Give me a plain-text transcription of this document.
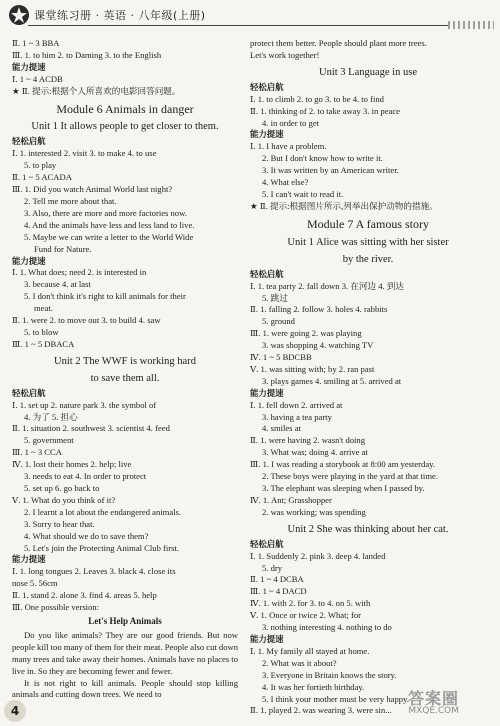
课堂练习册 · 英语 · 八年级(上册)
Ⅱ. 1 ~ 3 BBA
Ⅲ. 1. to him 2. to Daming 3. to the English
能力提速
Ⅰ. 1 ~ 4 ACDB
★ Ⅱ. 提示:根据个人所喜欢的电影回答问题。
Module 6 Animals in danger
Unit 1 It allows people to get closer to them.
轻松启航
Ⅰ. 1. interested 2. visit 3. to make 4. to use
5. to play
Ⅱ. 1 ~ 5 ACADA
Ⅲ. 1. Did you watch Animal World last night?
2. Tell me more about that.
3. Also, there are more and more factories now.
4. And the animals have less and less land to live.
5. Maybe we can write a letter to the World Wide
Fund for Nature.
能力提速
Ⅰ. 1. What does; need 2. is interested in
3. because 4. at last
5. I don't think it's right to kill animals for their
meat.
Ⅱ. 1. were 2. to move out 3. to build 4. saw
5. to blow
Ⅲ. 1 ~ 5 DBACA
Unit 2 The WWF is working hard
to save them all.
轻松启航
Ⅰ. 1. set up 2. nature park 3. the symbol of
4. 为了 5. 担心
Ⅱ. 1. situation 2. southwest 3. scientist 4. feed
5. government
Ⅲ. 1 ~ 3 CCA
Ⅳ. 1. lost their homes 2. help; live
3. needs to eat 4. In order to protect
5. set up 6. go back to
Ⅴ. 1. What do you think of it?
2. I learnt a lot about the endangered animals.
3. Sorry to hear that.
4. What should we do to save them?
5. Let's join the Protecting Animal Club first.
能力提速
Ⅰ. 1. long tongues 2. Leaves 3. black 4. close its
nose 5. 56cm
Ⅱ. 1. stand 2. alone 3. find 4. areas 5. help
Ⅲ. One possible version:
Let's Help Animals
Do you like animals? They are our good friends. But now people kill too many of them for their meat. People also cut down many trees and take away their homes. Animals have no places to live in. So they are becoming fewer and fewer.
It is not right to kill animals. People should stop killing animals and cutting down trees. We need to
protect them better. People should plant more trees.
Let's work together!
Unit 3 Language in use
轻松启航
Ⅰ. 1. to climb 2. to go 3. to be 4. to find
Ⅱ. 1. thinking of 2. to take away 3. in peace
4. in order to get
能力提速
Ⅰ. 1. I have a problem.
2. But I don't know how to write it.
3. It was written by an American writer.
4. What else?
5. I can't wait to read it.
★ Ⅱ. 提示:根据图片所示,列举出保护动物的措施。
Module 7 A famous story
Unit 1 Alice was sitting with her sister
by the river.
轻松启航
Ⅰ. 1. tea party 2. fall down 3. 在河边 4. 到达
5. 跳过
Ⅱ. 1. falling 2. follow 3. holes 4. rabbits
5. ground
Ⅲ. 1. were going 2. was playing
3. was shopping 4. watching TV
Ⅳ. 1 ~ 5 BDCBB
Ⅴ. 1. was sitting with; by 2. ran past
3. plays games 4. smiling at 5. arrived at
能力提速
Ⅰ. 1. fell down 2. arrived at
3. having a tea party
4. smiles at
Ⅱ. 1. were having 2. wasn't doing
3. What was; doing 4. arrive at
Ⅲ. 1. I was reading a storybook at 8:00 am yesterday.
2. These boys were playing in the yard at that time.
3. The elephant was sleeping when I passed by.
Ⅳ. 1. Ant; Grasshopper
2. was working; was spending
Unit 2 She was thinking about her cat.
轻松启航
Ⅰ. 1. Suddenly 2. pink 3. deep 4. landed
5. dry
Ⅱ. 1 ~ 4 DCBA
Ⅲ. 1 ~ 4 DACD
Ⅳ. 1. with 2. for 3. to 4. on 5. with
Ⅴ. 1. Once or twice 2. What; for
3. nothing interesting 4. nothing to do
能力提速
Ⅰ. 1. My family all stayed at home.
2. What was it about?
3. Everyone in Britain knows the story.
4. It was her fortieth birthday.
5. I think your mother must be very happy.
Ⅱ. 1. played 2. was wearing 3. were sin...
4
答案圈
MXQE.COM
